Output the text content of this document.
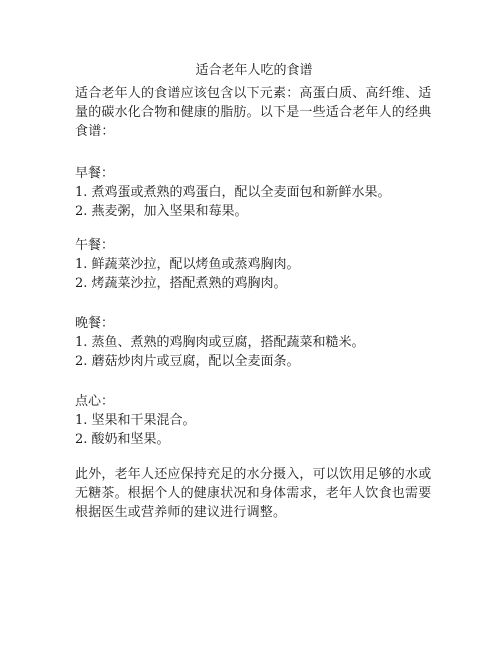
适合老年人吃的食谱
适合老年人的食谱应该包含以下元素：高蛋白质、高纤维、适量的碳水化合物和健康的脂肪。以下是一些适合老年人的经典食谱：
早餐：
1. 煮鸡蛋或煮熟的鸡蛋白，配以全麦面包和新鲜水果。
2. 燕麦粥，加入坚果和莓果。
午餐：
1. 鲜蔬菜沙拉，配以烤鱼或蒸鸡胸肉。
2. 烤蔬菜沙拉，搭配煮熟的鸡胸肉。
晚餐：
1. 蒸鱼、煮熟的鸡胸肉或豆腐，搭配蔬菜和糙米。
2. 蘑菇炒肉片或豆腐，配以全麦面条。
点心：
1. 坚果和干果混合。
2. 酸奶和坚果。
此外，老年人还应保持充足的水分摄入，可以饮用足够的水或无糖茶。根据个人的健康状况和身体需求，老年人饮食也需要根据医生或营养师的建议进行调整。
